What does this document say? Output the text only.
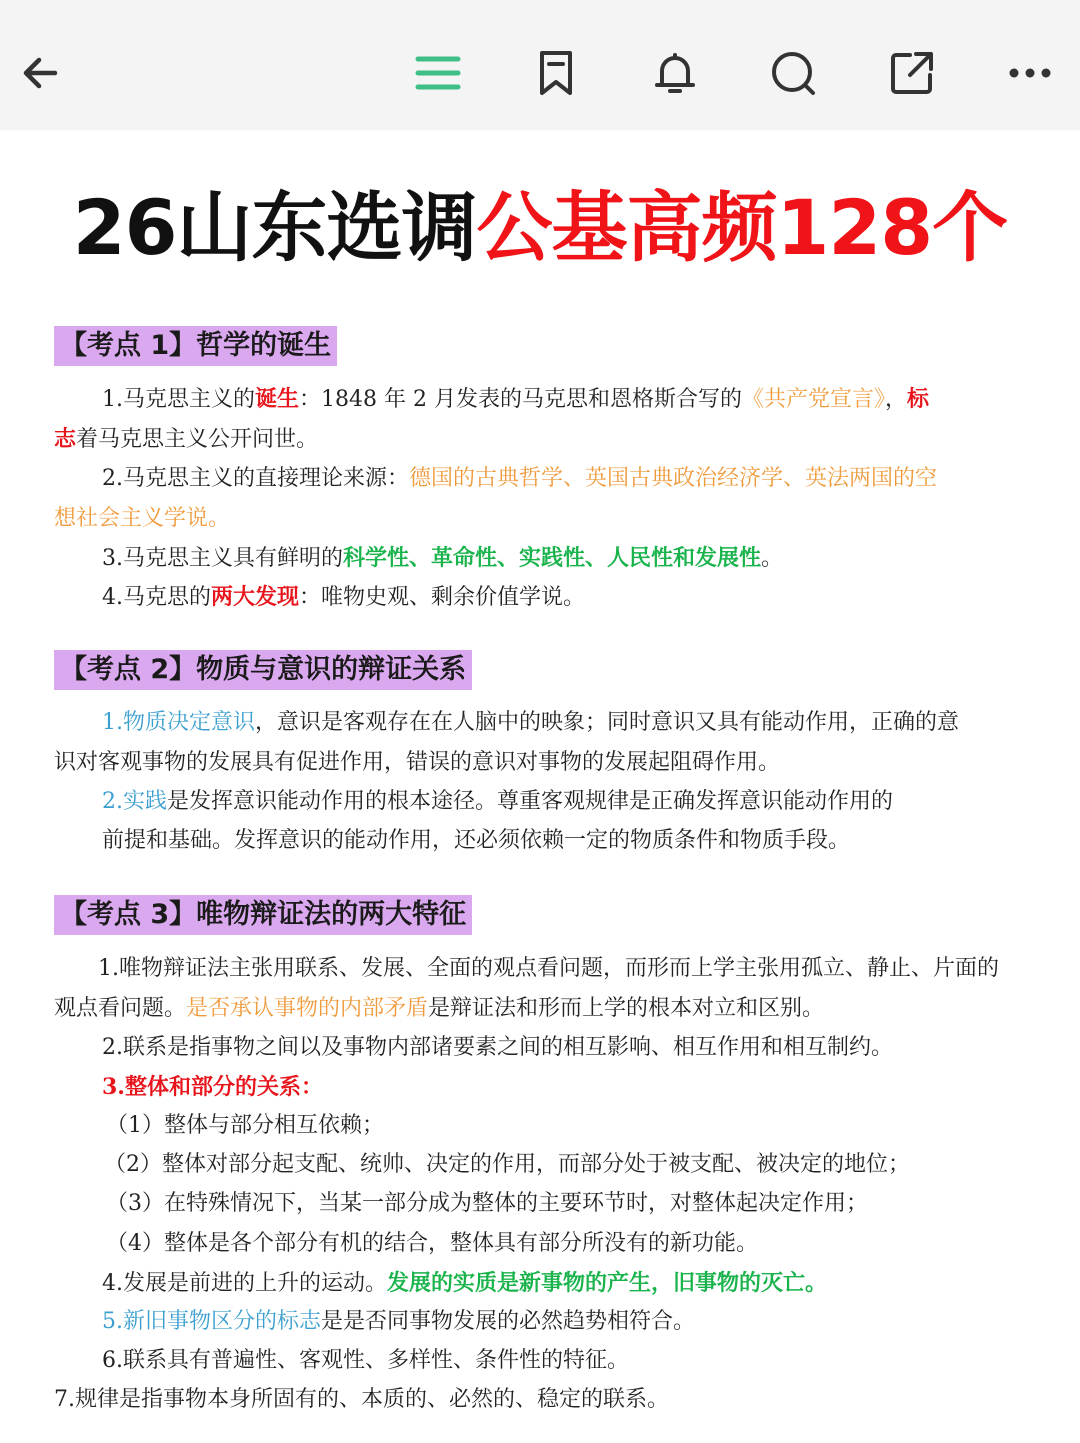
26山东选调公基高频128个
【考点 1】哲学的诞生
1.马克思主义的诞生：1848 年 2 月发表的马克思和恩格斯合写的《共产党宣言》，标
志着马克思主义公开问世。
2.马克思主义的直接理论来源：德国的古典哲学、英国古典政治经济学、英法两国的空
想社会主义学说。
3.马克思主义具有鲜明的科学性、革命性、实践性、人民性和发展性。
4.马克思的两大发现：唯物史观、剩余价值学说。
【考点 2】物质与意识的辩证关系
1.物质决定意识，意识是客观存在在人脑中的映象；同时意识又具有能动作用，正确的意
识对客观事物的发展具有促进作用，错误的意识对事物的发展起阻碍作用。
2.实践是发挥意识能动作用的根本途径。尊重客观规律是正确发挥意识能动作用的
前提和基础。发挥意识的能动作用，还必须依赖一定的物质条件和物质手段。
【考点 3】唯物辩证法的两大特征
1.唯物辩证法主张用联系、发展、全面的观点看问题，而形而上学主张用孤立、静止、片面的
观点看问题。是否承认事物的内部矛盾是辩证法和形而上学的根本对立和区别。
2.联系是指事物之间以及事物内部诸要素之间的相互影响、相互作用和相互制约。
3.整体和部分的关系：
（1）整体与部分相互依赖；
（2）整体对部分起支配、统帅、决定的作用，而部分处于被支配、被决定的地位；
（3）在特殊情况下，当某一部分成为整体的主要环节时，对整体起决定作用；
（4）整体是各个部分有机的结合，整体具有部分所没有的新功能。
4.发展是前进的上升的运动。发展的实质是新事物的产生，旧事物的灭亡。
5.新旧事物区分的标志是是否同事物发展的必然趋势相符合。
6.联系具有普遍性、客观性、多样性、条件性的特征。
7.规律是指事物本身所固有的、本质的、必然的、稳定的联系。
